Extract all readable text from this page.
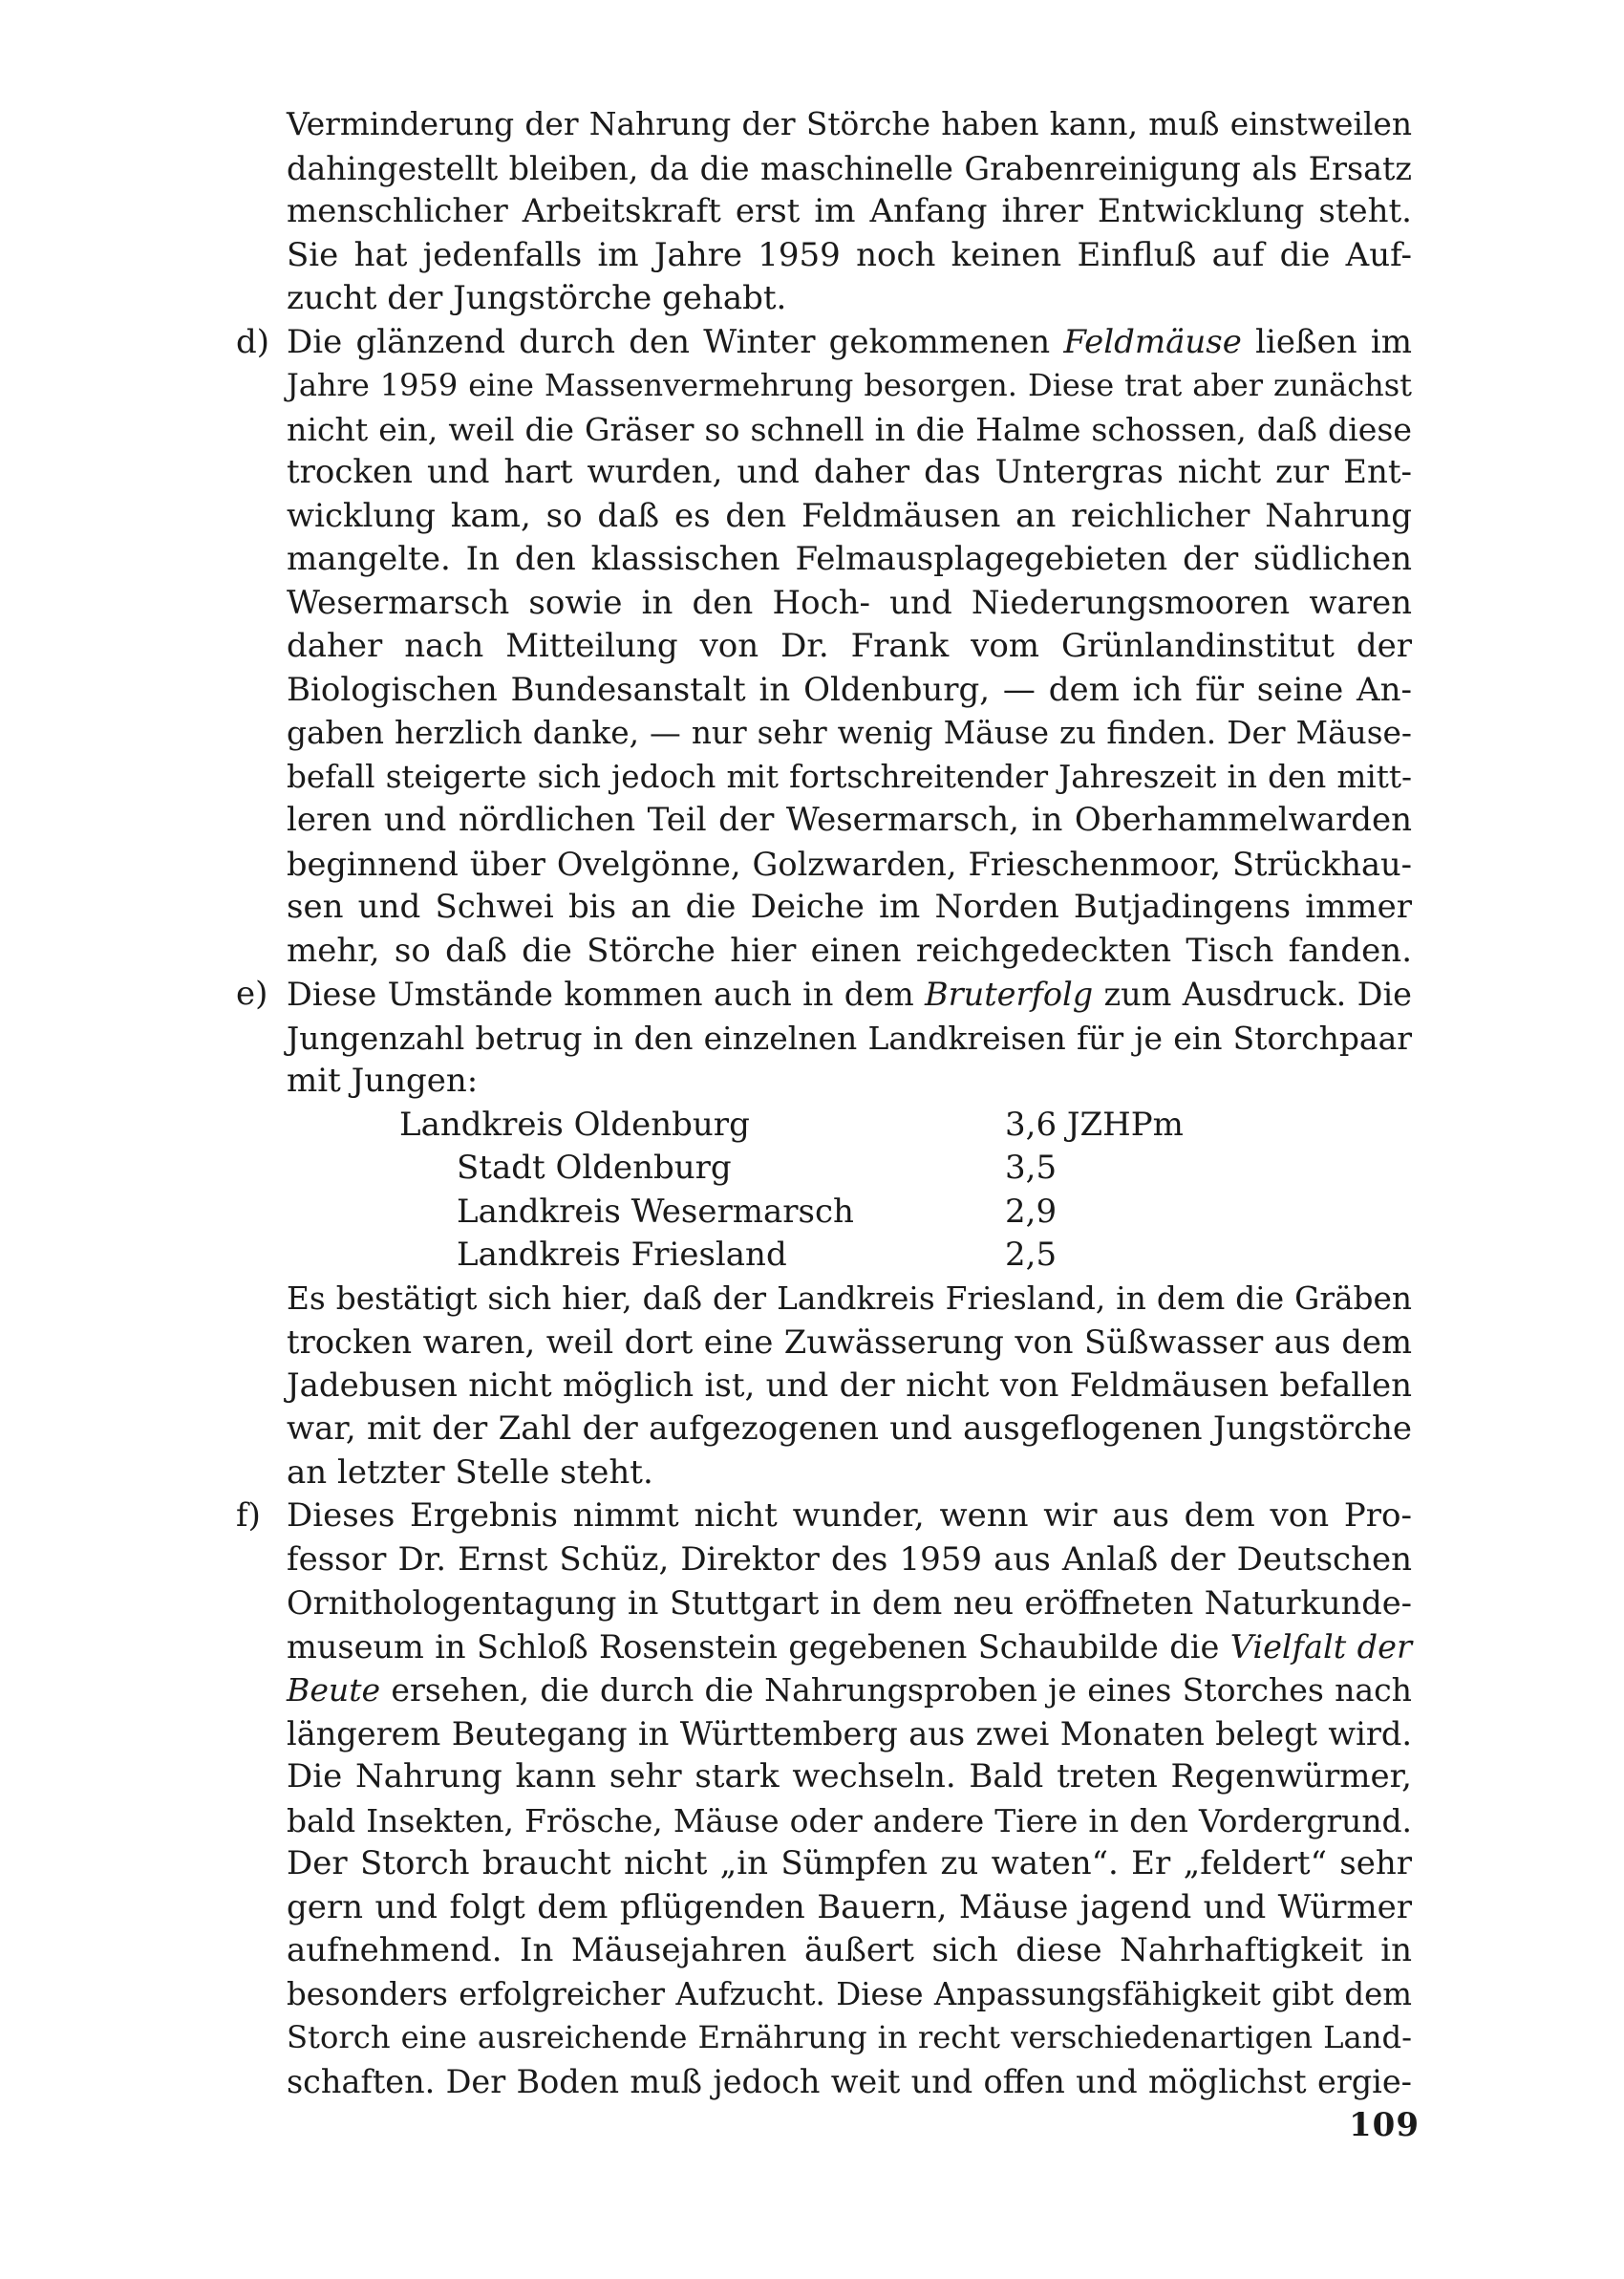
Verminderung der Nahrung der Störche haben kann, muß einstweilen
dahingestellt bleiben, da die maschinelle Grabenreinigung als Ersatz
menschlicher Arbeitskraft erst im Anfang ihrer Entwicklung steht.
Sie hat jedenfalls im Jahre 1959 noch keinen Einfluß auf die Auf-
zucht der Jungstörche gehabt.
d) Die glänzend durch den Winter gekommenen Feldmäuse ließen im
Jahre 1959 eine Massenvermehrung besorgen. Diese trat aber zunächst
nicht ein, weil die Gräser so schnell in die Halme schossen, daß diese
trocken und hart wurden, und daher das Untergras nicht zur Ent-
wicklung kam, so daß es den Feldmäusen an reichlicher Nahrung
mangelte. In den klassischen Felmausplagegebieten der südlichen
Wesermarsch sowie in den Hoch- und Niederungsmooren waren
daher nach Mitteilung von Dr. Frank vom Grünlandinstitut der
Biologischen Bundesanstalt in Oldenburg, — dem ich für seine An-
gaben herzlich danke, — nur sehr wenig Mäuse zu finden. Der Mäuse-
befall steigerte sich jedoch mit fortschreitender Jahreszeit in den mitt-
leren und nördlichen Teil der Wesermarsch, in Oberhammelwarden
beginnend über Ovelgönne, Golzwarden, Frieschenmoor, Strückhau-
sen und Schwei bis an die Deiche im Norden Butjadingens immer
mehr, so daß die Störche hier einen reichgedeckten Tisch fanden.
e) Diese Umstände kommen auch in dem Bruterfolg zum Ausdruck. Die
Jungenzahl betrug in den einzelnen Landkreisen für je ein Storchpaar
mit Jungen:
Landkreis Oldenburg	3,6 JZHPm
Stadt Oldenburg	3,5
Landkreis Wesermarsch	2,9
Landkreis Friesland	2,5
Es bestätigt sich hier, daß der Landkreis Friesland, in dem die Gräben
trocken waren, weil dort eine Zuwässerung von Süßwasser aus dem
Jadebusen nicht möglich ist, und der nicht von Feldmäusen befallen
war, mit der Zahl der aufgezogenen und ausgeflogenen Jungstörche
an letzter Stelle steht.
f) Dieses Ergebnis nimmt nicht wunder, wenn wir aus dem von Pro-
fessor Dr. Ernst Schüz, Direktor des 1959 aus Anlaß der Deutschen
Ornithologentagung in Stuttgart in dem neu eröffneten Naturkunde-
museum in Schloß Rosenstein gegebenen Schaubilde die Vielfalt der
Beute ersehen, die durch die Nahrungsproben je eines Storches nach
längerem Beutegang in Württemberg aus zwei Monaten belegt wird.
Die Nahrung kann sehr stark wechseln. Bald treten Regenwürmer,
bald Insekten, Frösche, Mäuse oder andere Tiere in den Vordergrund.
Der Storch braucht nicht „in Sümpfen zu waten“. Er „feldert“ sehr
gern und folgt dem pflügenden Bauern, Mäuse jagend und Würmer
aufnehmend. In Mäusejahren äußert sich diese Nahrhaftigkeit in
besonders erfolgreicher Aufzucht. Diese Anpassungsfähigkeit gibt dem
Storch eine ausreichende Ernährung in recht verschiedenartigen Land-
schaften. Der Boden muß jedoch weit und offen und möglichst ergie-
109
